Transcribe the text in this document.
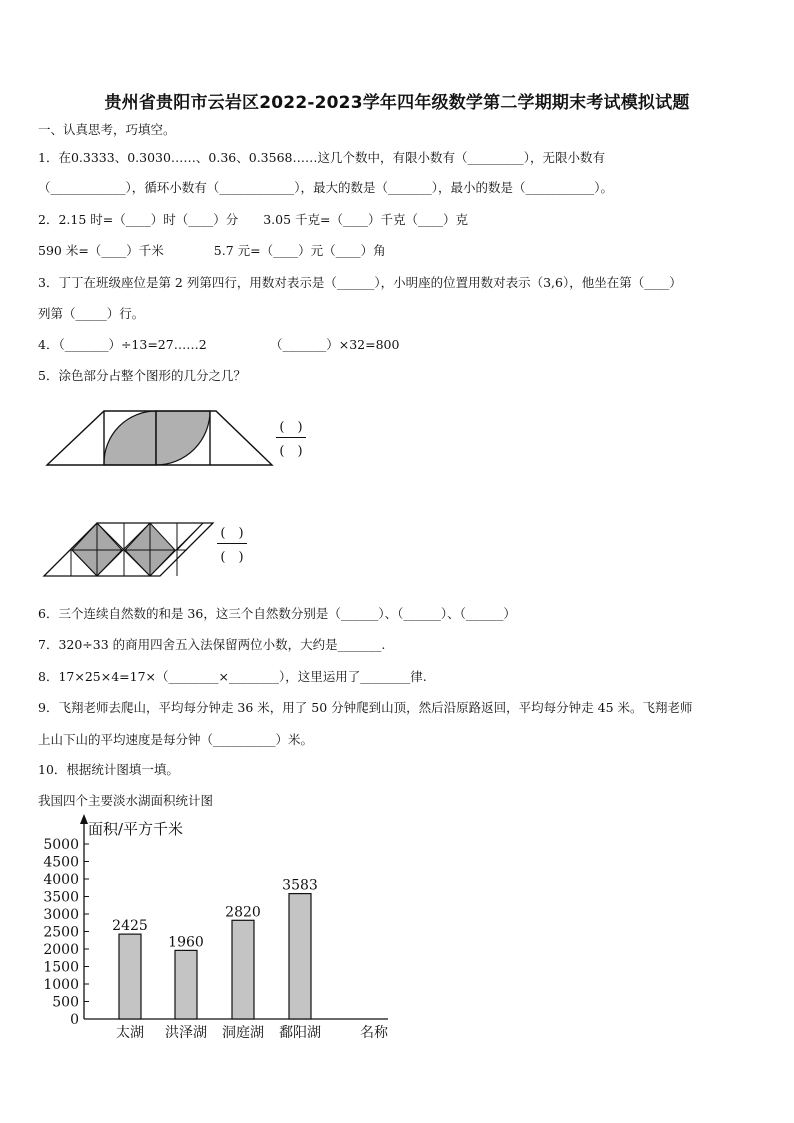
贵州省贵阳市云岩区2022-2023学年四年级数学第二学期期末考试模拟试题
一、认真思考，巧填空。
1．在0.3333、0.3030……、0.36、0.3568……这几个数中，有限小数有（_________），无限小数有
（____________），循环小数有（____________），最大的数是（_______），最小的数是（___________）。
2．2.15 时=（____）时（____）分　　3.05 千克=（____）千克（____）克
590 米=（____）千米　　　　5.7 元=（____）元（____）角
3．丁丁在班级座位是第 2 列第四行，用数对表示是（______），小明座的位置用数对表示（3,6），他坐在第（____）
列第（_____）行。
4．（_______）÷13=27……2	（_______）×32=800
5．涂色部分占整个图形的几分之几？
(　)
(　)
(　)
(　)
6．三个连续自然数的和是 36，这三个自然数分别是（______）、（______）、（______）
7．320÷33 的商用四舍五入法保留两位小数，大约是_______.
8．17×25×4=17×（________×________），这里运用了________律.
9．飞翔老师去爬山，平均每分钟走 36 米，用了 50 分钟爬到山顶，然后沿原路返回，平均每分钟走 45 米。飞翔老师
上山下山的平均速度是每分钟（__________）米。
10．根据统计图填一填。
我国四个主要淡水湖面积统计图
0
500
1000
1500
2000
2500
3000
3500
4000
4500
5000
面积/平方千米
2425
太湖
1960
洪泽湖
2820
洞庭湖
3583
鄱阳湖	名称
